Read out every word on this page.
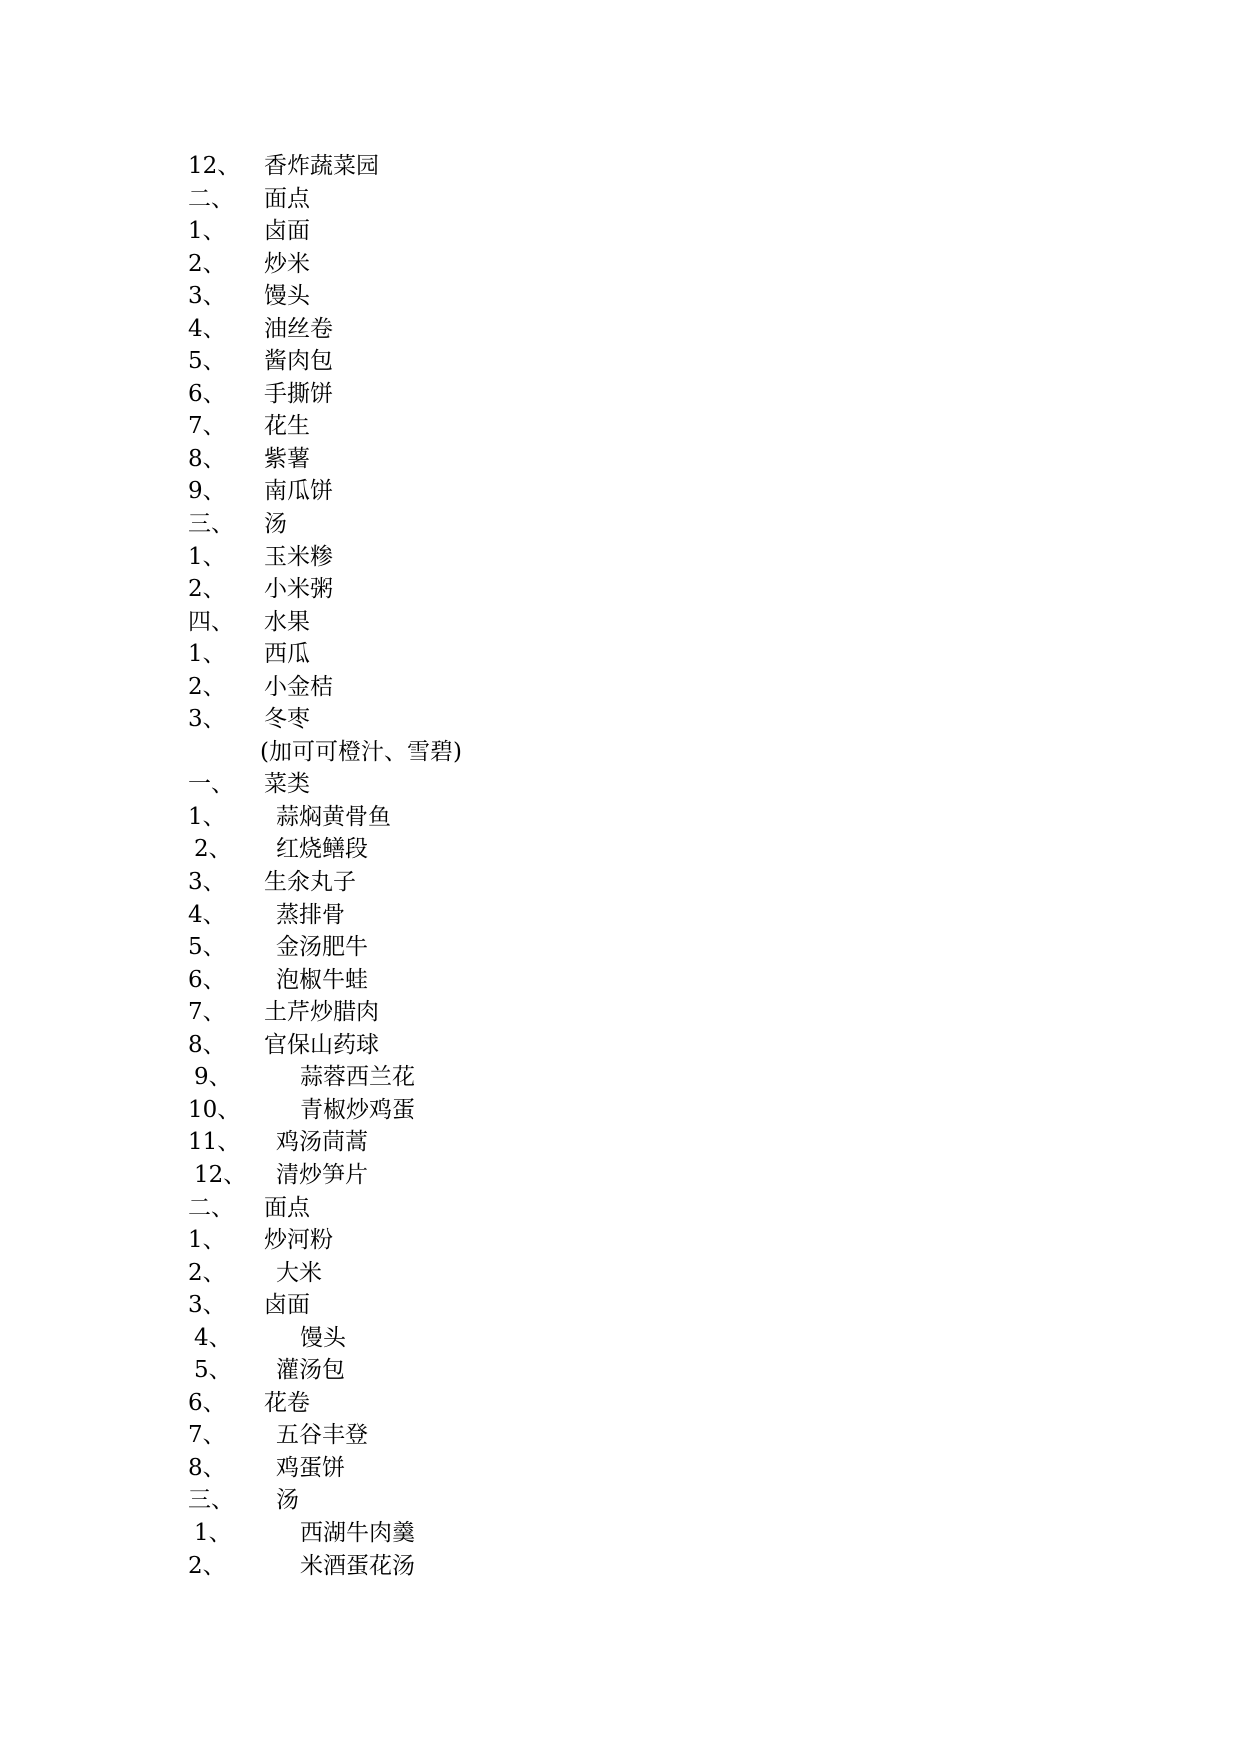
12、 香炸蔬菜园
二、 面点
1、 卤面
2、 炒米
3、 馒头
4、 油丝卷
5、 酱肉包
6、 手撕饼
7、 花生
8、 紫薯
9、 南瓜饼
三、 汤
1、 玉米糁
2、 小米粥
四、 水果
1、 西瓜
2、 小金桔
3、 冬枣
(加可可橙汁、雪碧)
一、 菜类
1、 蒜焖黄骨鱼
2、 红烧鳝段
3、 生氽丸子
4、 蒸排骨
5、 金汤肥牛
6、 泡椒牛蛙
7、 土芹炒腊肉
8、 官保山药球
9、	蒜蓉西兰花
10、	青椒炒鸡蛋
11、 鸡汤茼蒿
12、 清炒笋片
二、 面点
1、 炒河粉
2、 大米
3、 卤面
4、	馒头
5、 灌汤包
6、 花卷
7、 五谷丰登
8、 鸡蛋饼
三、 汤
1、	西湖牛肉羹
2、	米酒蛋花汤
